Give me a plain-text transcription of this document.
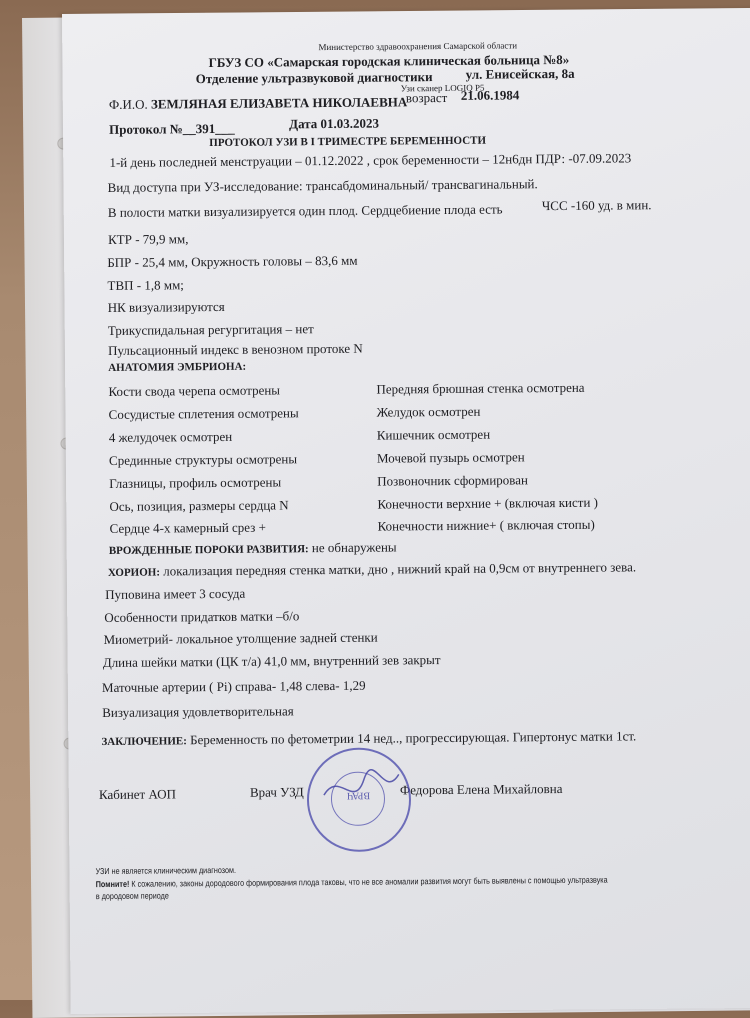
Министерство здравоохранения Самарской области
ГБУЗ СО «Самарская городская клиническая больница №8»
Отделение ультразвуковой диагностики	ул. Енисейская, 8а
Узи сканер LOGIQ P5
Ф.И.О. ЗЕМЛЯНАЯ ЕЛИЗАВЕТА НИКОЛАЕВНА
возраст 21.06.1984
Протокол №__391___	Дата 01.03.2023
ПРОТОКОЛ УЗИ В I ТРИМЕСТРЕ БЕРЕМЕННОСТИ
1-й день последней менструации – 01.12.2022 , срок беременности – 12н6дн ПДР: -07.09.2023
Вид доступа при УЗ-исследование: трансабдоминальный/ трансвагинальный.
В полости матки визуализируется один плод. Сердцебиение плода есть
КТР - 79,9 мм,
БПР - 25,4 мм, Окружность головы – 83,6 мм
ТВП - 1,8 мм;
НК визуализируются
Трикуспидальная регургитация – нет
Пульсационный индекс в венозном протоке N
ЧСС -160 уд. в мин.
АНАТОМИЯ ЭМБРИОНА:
Кости свода черепа осмотрены	Передняя брюшная стенка осмотрена
Сосудистые сплетения осмотрены	Желудок осмотрен
4 желудочек осмотрен	Кишечник осмотрен
Срединные структуры осмотрены	Мочевой пузырь осмотрен
Глазницы, профиль осмотрены	Позвоночник сформирован
Ось, позиция, размеры сердца N	Конечности верхние + (включая кисти )
Сердце 4-х камерный срез +	Конечности нижние+ ( включая стопы)
ВРОЖДЕННЫЕ ПОРОКИ РАЗВИТИЯ: не обнаружены
ХОРИОН: локализация передняя стенка матки, дно , нижний край на 0,9см от внутреннего зева.
Пуповина имеет 3 сосуда
Особенности придатков матки –б/о
Миометрий- локальное утолщение задней стенки
Длина шейки матки (ЦК т/а) 41,0 мм, внутренний зев закрыт
Маточные артерии ( Pi) справа- 1,48 слева- 1,29
Визуализация удовлетворительная
ЗАКЛЮЧЕНИЕ: Беременность по фетометрии 14 нед.., прогрессирующая. Гипертонус матки 1ст.
Кабинет АОП	Врач УЗД	Федорова Елена Михайловна
ВРАЧ
УЗИ не является клиническим диагнозом.
Помните! К сожалению, законы дородового формирования плода таковы, что не все аномалии развития могут быть выявлены с помощью ультразвука
в дородовом периоде
